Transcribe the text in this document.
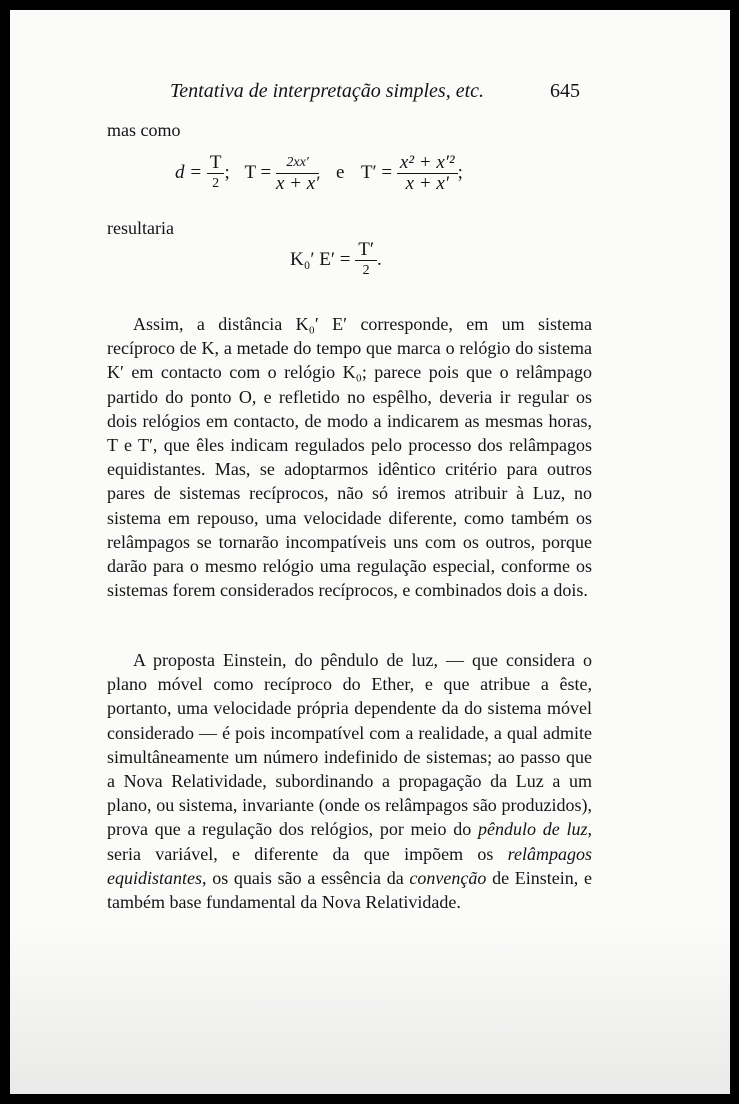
Tentativa de interpretação simples, etc.	645
mas como
$d = \frac{T}{2}$ ; $T = \frac{2xx'}{x + x'}$ e $T' = \frac{\text{x² + x′²}}{x + x'}$ ;
resultaria
K₀′ $E' = \frac{T'}{2}$ .

Assim, a distância K₀′ E′ corresponde, em um sistema recíproco de K, a metade do tempo que marca o relógio do sistema K′ em contacto com o relógio K₀; parece pois que o relâmpago partido do ponto O, e refletido no espêlho, deveria ir regular os dois relógios em contacto, de modo a indicarem as mesmas horas, T e T′, que êles indicam regulados pelo processo dos relâmpagos equidistantes. Mas, se adoptarmos idêntico critério para outros pares de sistemas recíprocos, não só iremos atribuir à Luz, no sistema em repouso, uma velocidade diferente, como também os relâmpagos se tornarão incompatíveis uns com os outros, porque darão para o mesmo relógio uma regulação especial, conforme os sistemas forem considerados recíprocos, e combinados dois a dois.

A proposta Einstein, do pêndulo de luz, — que considera o plano móvel como recíproco do Ether, e que atribue a êste, portanto, uma velocidade própria dependente da do sistema móvel considerado — é pois incompatível com a realidade, a qual admite simultâneamente um número indefinido de sistemas; ao passo que a Nova Relatividade, subordinando a propagação da Luz a um plano, ou sistema, invariante (onde os relâmpagos são produzidos), prova que a regulação dos relógios, por meio do pêndulo de luz, seria variável, e diferente da que impõem os relâmpagos equidistantes, os quais são a essência da convenção de Einstein, e também base fundamental da Nova Relatividade.
